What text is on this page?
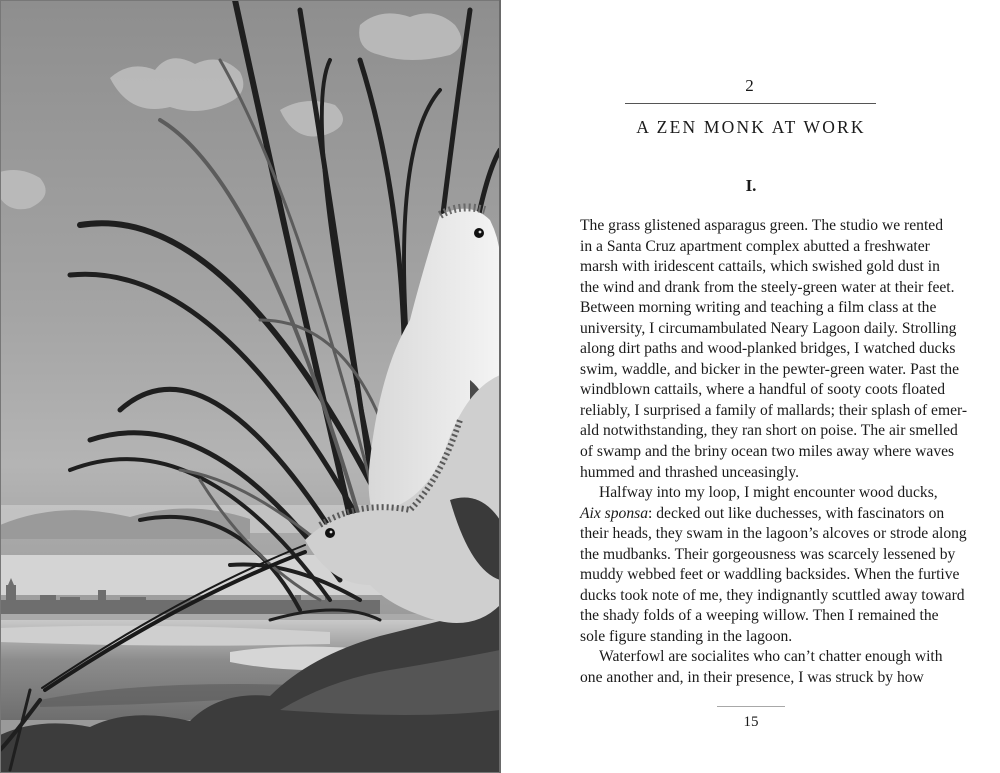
2
A ZEN MONK AT WORK
I.
The grass glistened asparagus green. The studio we rented
in a Santa Cruz apartment complex abutted a freshwater
marsh with iridescent cattails, which swished gold dust in
the wind and drank from the steely-green water at their feet.
Between morning writing and teaching a film class at the
university, I circumambulated Neary Lagoon daily. Strolling
along dirt paths and wood-planked bridges, I watched ducks
swim, waddle, and bicker in the pewter-green water. Past the
windblown cattails, where a handful of sooty coots floated
reliably, I surprised a family of mallards; their splash of emer-
ald notwithstanding, they ran short on poise. The air smelled
of swamp and the briny ocean two miles away where waves
hummed and thrashed unceasingly.
Halfway into my loop, I might encounter wood ducks,
Aix sponsa: decked out like duchesses, with fascinators on
their heads, they swam in the lagoon’s alcoves or strode along
the mudbanks. Their gorgeousness was scarcely lessened by
muddy webbed feet or waddling backsides. When the furtive
ducks took note of me, they indignantly scuttled away toward
the shady folds of a weeping willow. Then I remained the
sole figure standing in the lagoon.
Waterfowl are socialites who can’t chatter enough with
one another and, in their presence, I was struck by how
15
